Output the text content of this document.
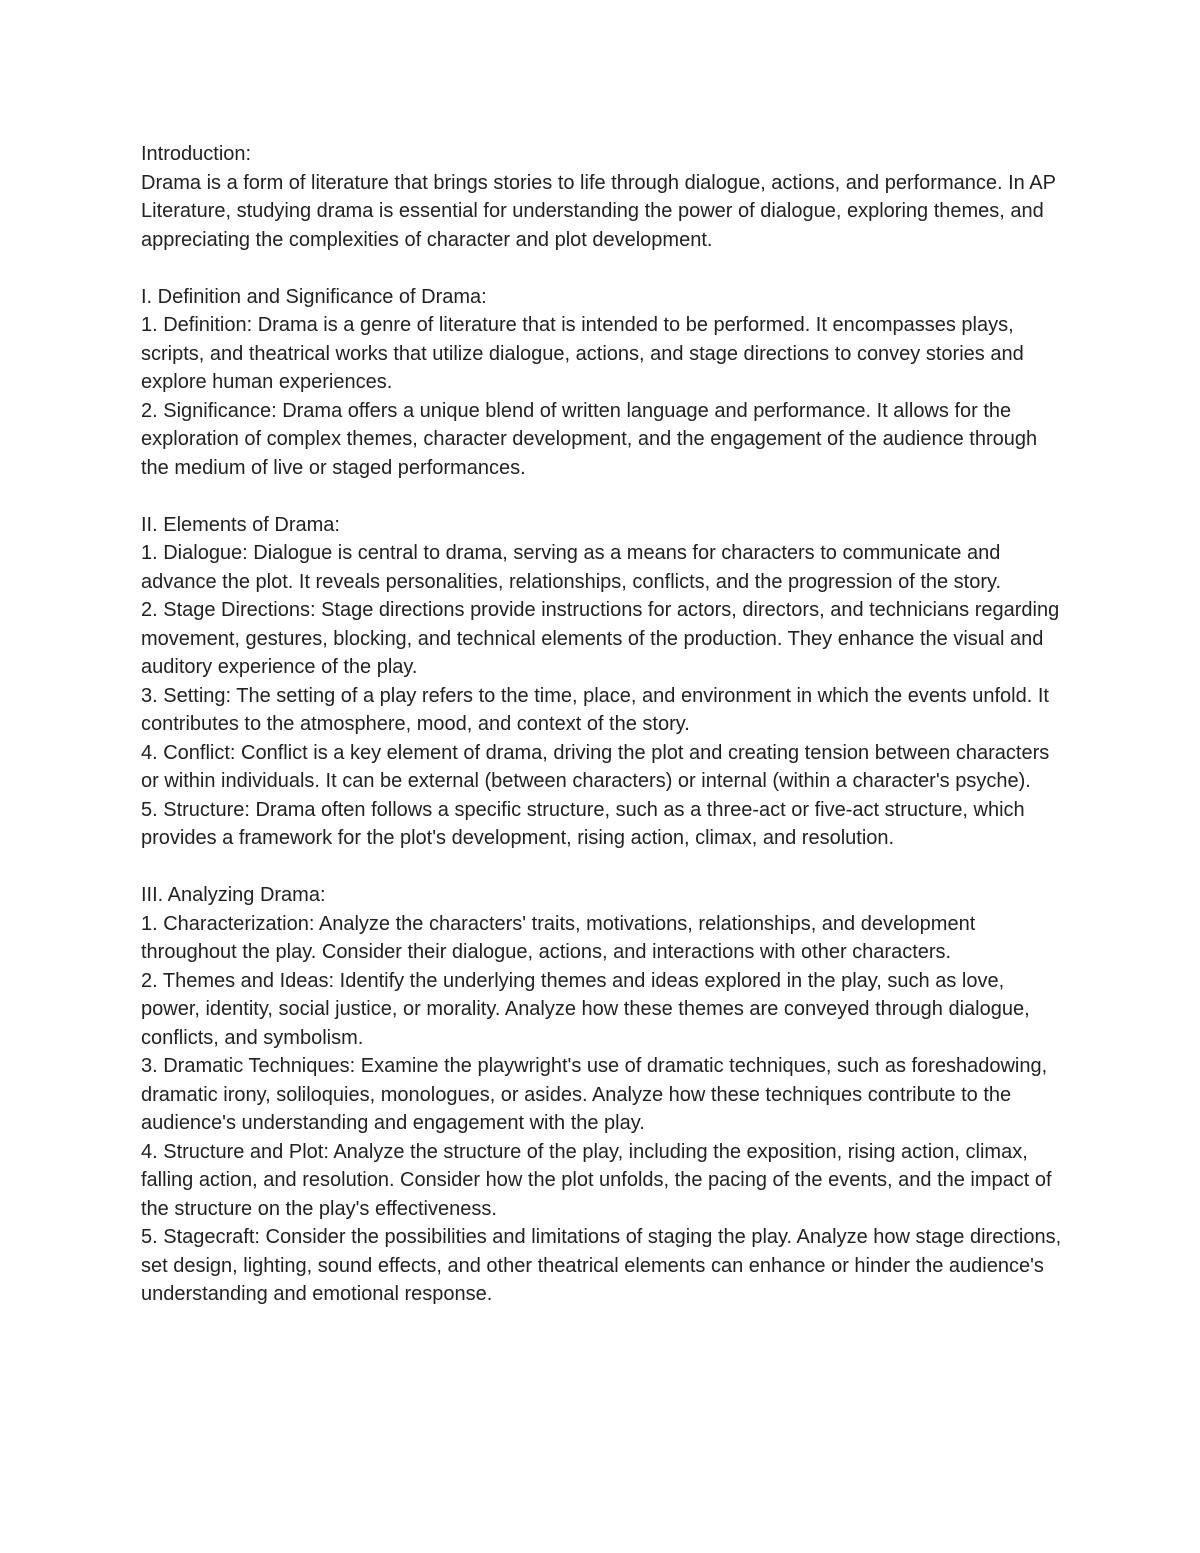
Introduction:

Drama is a form of literature that brings stories to life through dialogue, actions, and performance. In AP Literature, studying drama is essential for understanding the power of dialogue, exploring themes, and appreciating the complexities of character and plot development.

I. Definition and Significance of Drama:

1. Definition: Drama is a genre of literature that is intended to be performed. It encompasses plays, scripts, and theatrical works that utilize dialogue, actions, and stage directions to convey stories and explore human experiences.

2. Significance: Drama offers a unique blend of written language and performance. It allows for the exploration of complex themes, character development, and the engagement of the audience through the medium of live or staged performances.

II. Elements of Drama:

1. Dialogue: Dialogue is central to drama, serving as a means for characters to communicate and advance the plot. It reveals personalities, relationships, conflicts, and the progression of the story.

2. Stage Directions: Stage directions provide instructions for actors, directors, and technicians regarding movement, gestures, blocking, and technical elements of the production. They enhance the visual and auditory experience of the play.

3. Setting: The setting of a play refers to the time, place, and environment in which the events unfold. It contributes to the atmosphere, mood, and context of the story.

4. Conflict: Conflict is a key element of drama, driving the plot and creating tension between characters or within individuals. It can be external (between characters) or internal (within a character's psyche).

5. Structure: Drama often follows a specific structure, such as a three-act or five-act structure, which provides a framework for the plot's development, rising action, climax, and resolution.

III. Analyzing Drama:

1. Characterization: Analyze the characters' traits, motivations, relationships, and development throughout the play. Consider their dialogue, actions, and interactions with other characters.

2. Themes and Ideas: Identify the underlying themes and ideas explored in the play, such as love, power, identity, social justice, or morality. Analyze how these themes are conveyed through dialogue, conflicts, and symbolism.

3. Dramatic Techniques: Examine the playwright's use of dramatic techniques, such as foreshadowing, dramatic irony, soliloquies, monologues, or asides. Analyze how these techniques contribute to the audience's understanding and engagement with the play.

4. Structure and Plot: Analyze the structure of the play, including the exposition, rising action, climax, falling action, and resolution. Consider how the plot unfolds, the pacing of the events, and the impact of the structure on the play's effectiveness.

5. Stagecraft: Consider the possibilities and limitations of staging the play. Analyze how stage directions, set design, lighting, sound effects, and other theatrical elements can enhance or hinder the audience's understanding and emotional response.
